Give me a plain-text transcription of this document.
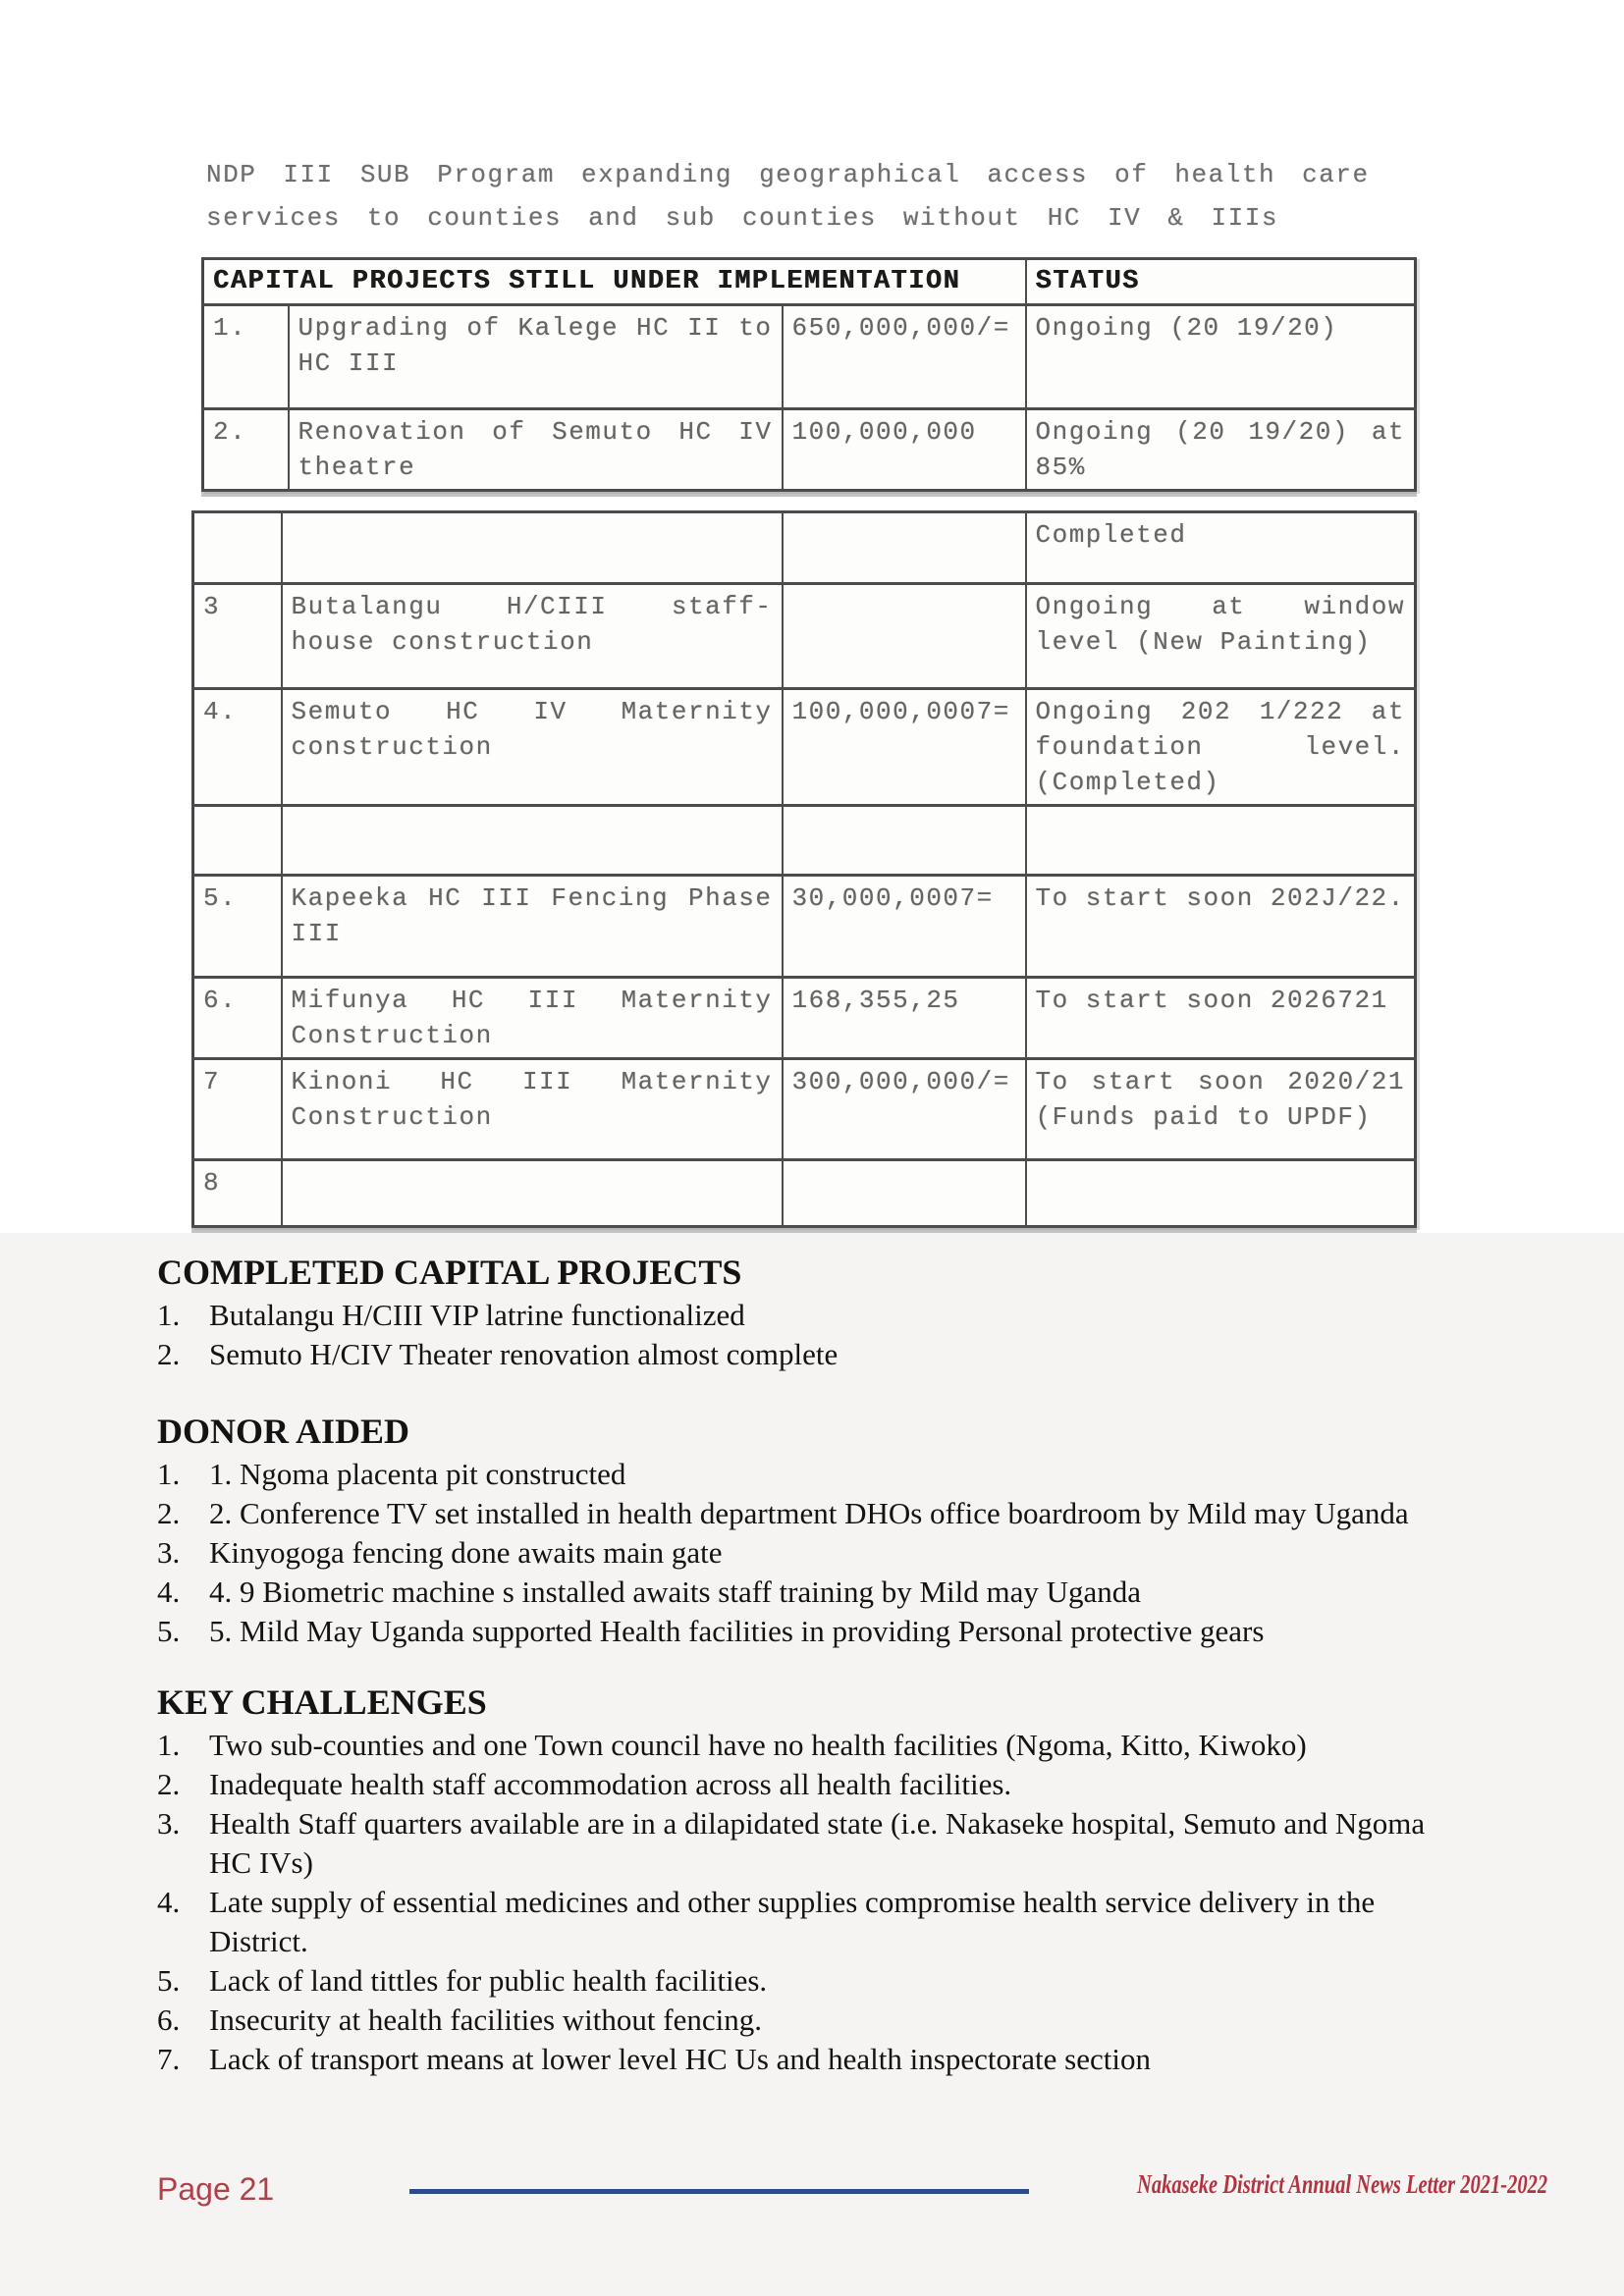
NDP III SUB Program expanding geographical access of health care
services to counties and sub counties without HC IV & IIIs
CAPITAL PROJECTS STILL UNDER IMPLEMENTATION			STATUS
1.	Upgrading of Kalege HC II to HC III	650,000,000/=	Ongoing (20 19/20)
2.	Renovation of Semuto HC IV theatre	100,000,000	Ongoing (20 19/20) at 85%
			Completed
3	Butalangu H/CIII staff- house construction		Ongoing at window level (New Painting)
4.	Semuto HC IV Maternity construction	100,000,0007=	Ongoing 202 1/222 at foundation level. (Completed)

5.	Kapeeka HC III Fencing Phase III	30,000,0007=	To start soon 202J/22.
6.	Mifunya HC III Maternity Construction	168,355,25	To start soon 2026721
7	Kinoni HC III Maternity Construction	300,000,000/=	To start soon 2020/21 (Funds paid to UPDF)
8			
COMPLETED CAPITAL PROJECTS
1. Butalangu H/CIII VIP latrine functionalized
2. Semuto H/CIV Theater renovation almost complete
DONOR AIDED
1. 1. Ngoma placenta pit constructed
2. 2. Conference TV set installed in health department DHOs office boardroom by Mild may Uganda
3. Kinyogoga fencing done awaits main gate
4. 4. 9 Biometric machine s installed awaits staff training by Mild may Uganda
5. 5. Mild May Uganda supported Health facilities in providing Personal protective gears
KEY CHALLENGES
1. Two sub-counties and one Town council have no health facilities (Ngoma, Kitto, Kiwoko)
2. Inadequate health staff accommodation across all health facilities.
3. Health Staff quarters available are in a dilapidated state (i.e. Nakaseke hospital, Semuto and Ngoma HC IVs)
4. Late supply of essential medicines and other supplies compromise health service delivery in the District.
5. Lack of land tittles for public health facilities.
6. Insecurity at health facilities without fencing.
7. Lack of transport means at lower level HC Us and health inspectorate section
Page 21	Nakaseke District Annual News Letter 2021-2022
